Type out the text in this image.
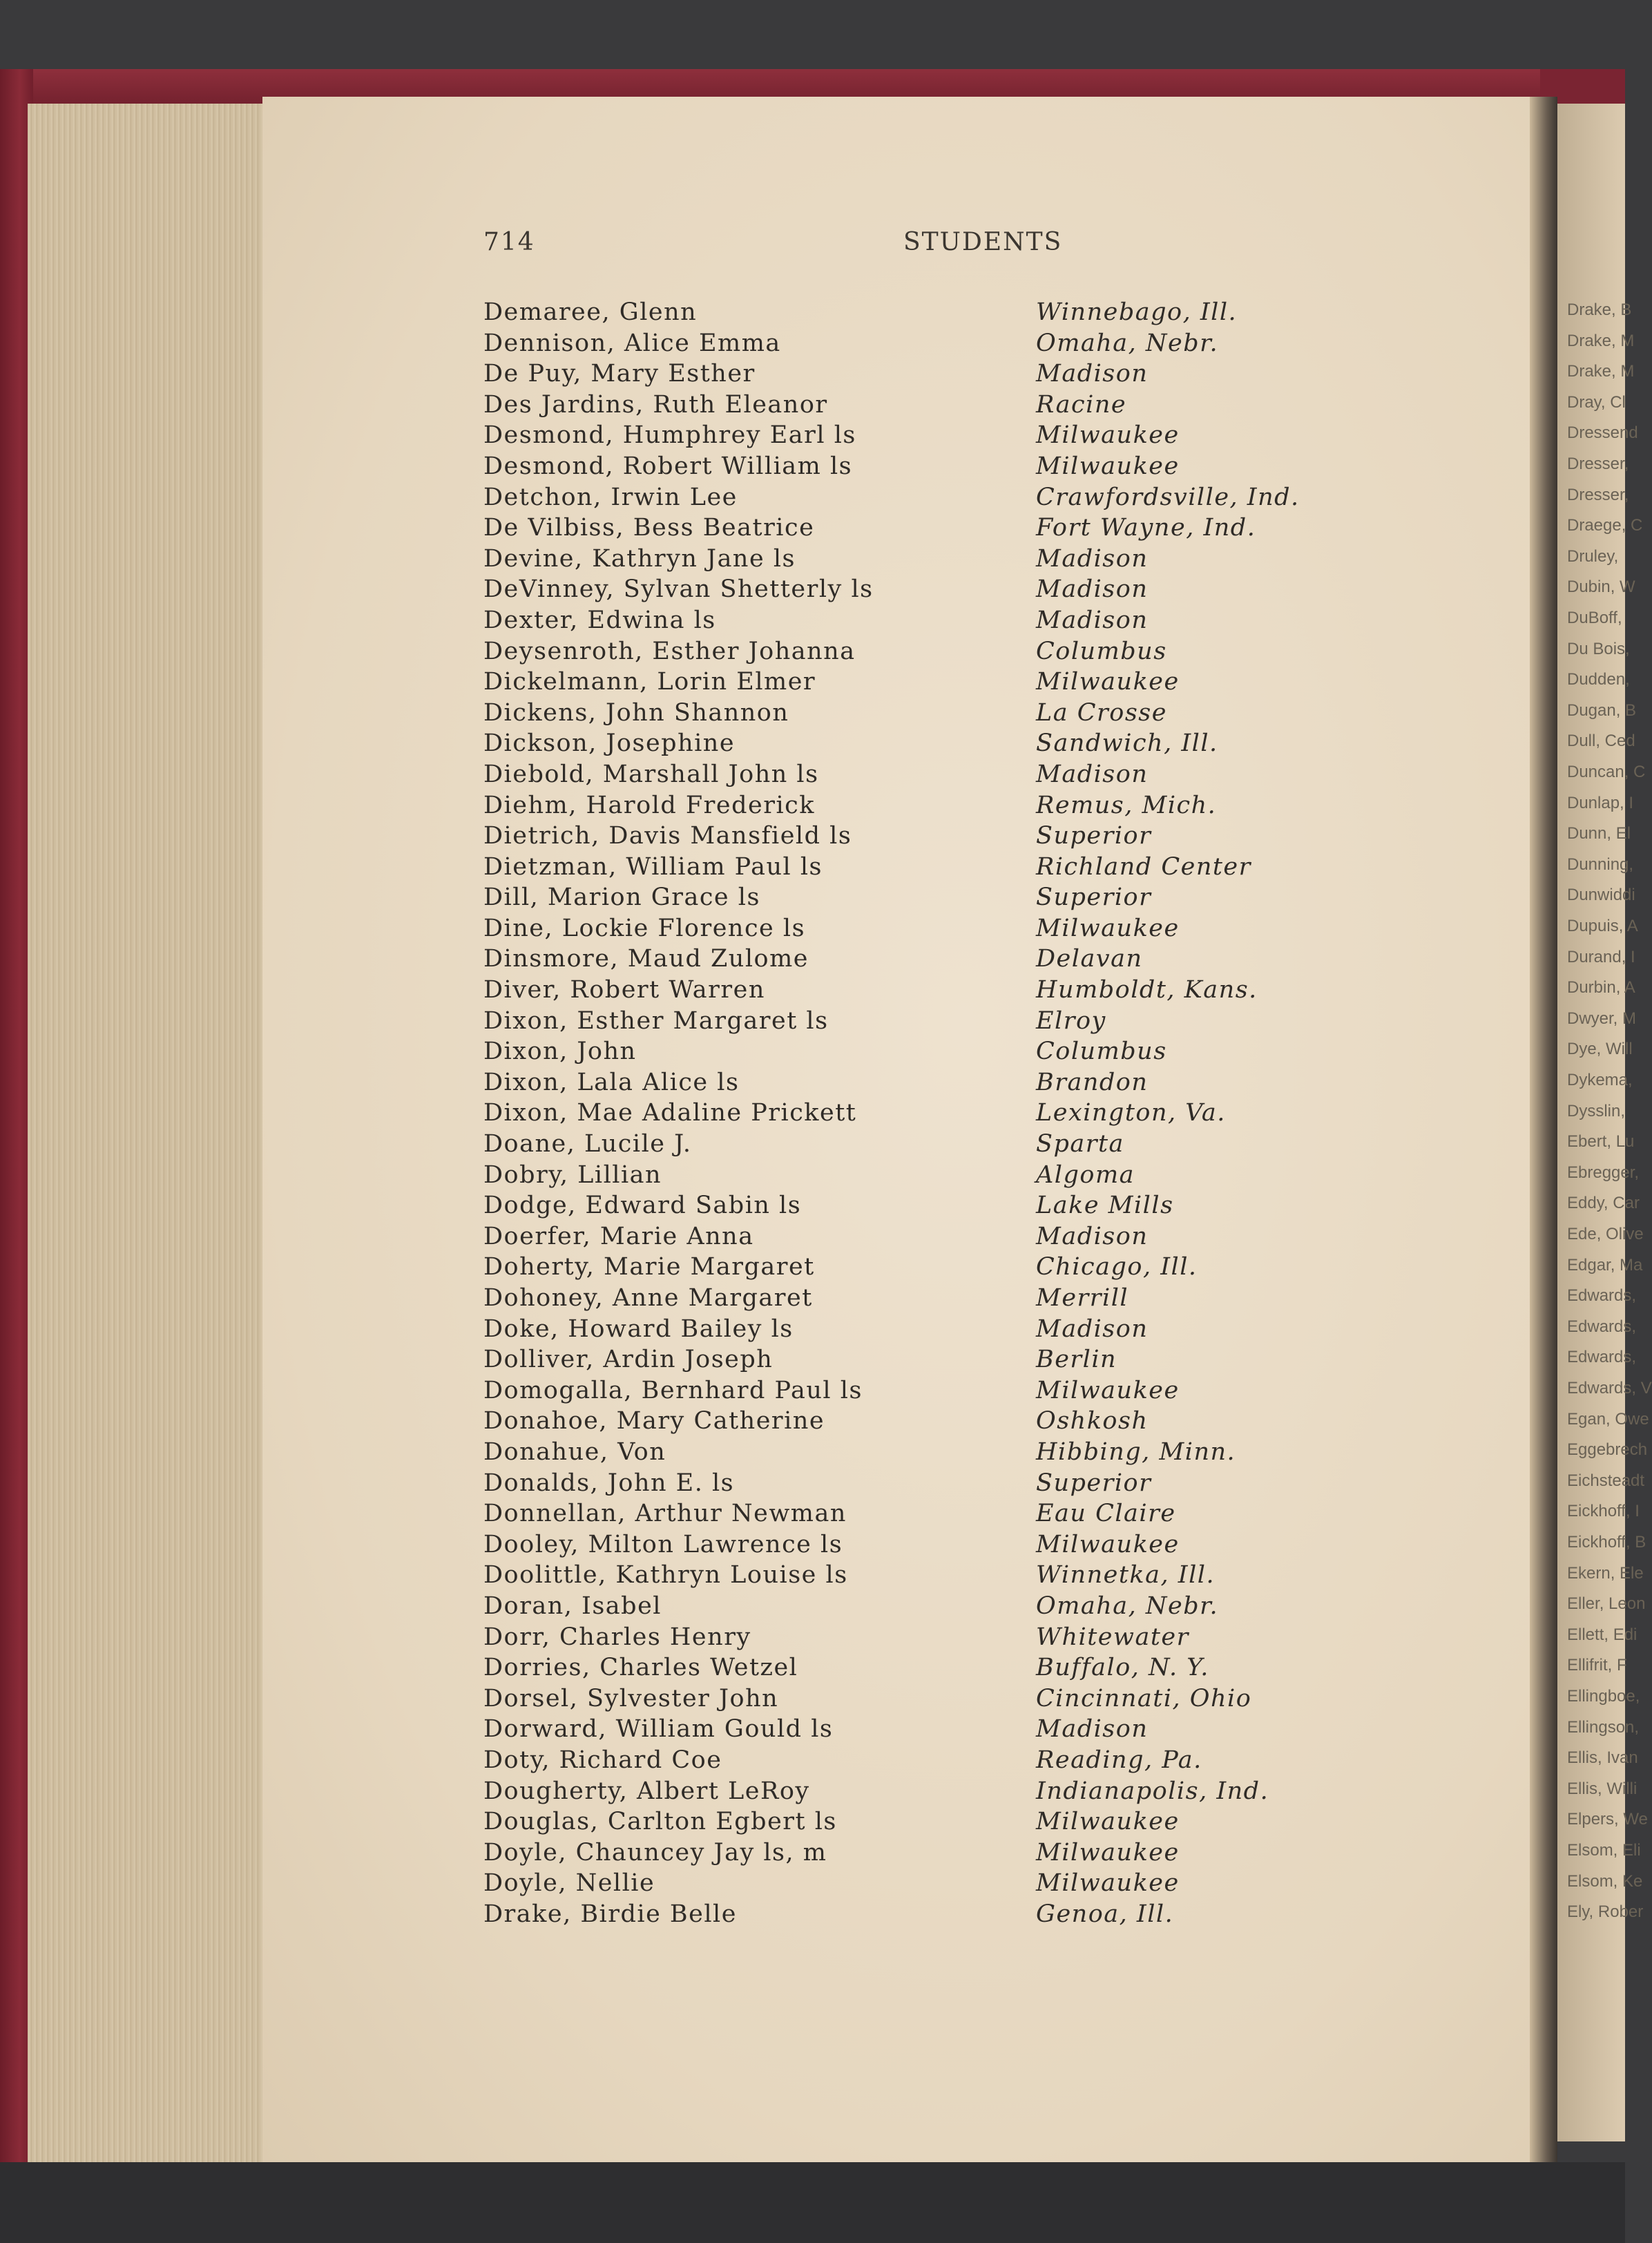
Drake, B
Drake, M
Drake, M
Dray, Cl
Dressend
Dresser,
Dresser,
Draege, C
Druley,
Dubin, W
DuBoff,
Du Bois,
Dudden,
Dugan, B
Dull, Ced
Duncan, C
Dunlap, I
Dunn, El
Dunning,
Dunwiddi
Dupuis, A
Durand, I
Durbin, A
Dwyer, M
Dye, Will
Dykema,
Dysslin,
Ebert, Lu
Ebregger,
Eddy, Car
Ede, Olive
Edgar, Ma
Edwards,
Edwards,
Edwards,
Edwards, V
Egan, Owe
Eggebrech
Eichsteadt
Eickhoff, I
Eickhoff, B
Ekern, Ele
Eller, Leon
Ellett, Edi
Ellifrit, F
Ellingboe,
Ellingson,
Ellis, Ivan
Ellis, Willi
Elpers, We
Elsom, Eli
Elsom, Ke
Ely, Rober
714	STUDENTS
Demaree, Glenn	Winnebago, Ill.
Dennison, Alice Emma	Omaha, Nebr.
De Puy, Mary Esther	Madison
Des Jardins, Ruth Eleanor	Racine
Desmond, Humphrey Earl ls	Milwaukee
Desmond, Robert William ls	Milwaukee
Detchon, Irwin Lee	Crawfordsville, Ind.
De Vilbiss, Bess Beatrice	Fort Wayne, Ind.
Devine, Kathryn Jane ls	Madison
DeVinney, Sylvan Shetterly ls	Madison
Dexter, Edwina ls	Madison
Deysenroth, Esther Johanna	Columbus
Dickelmann, Lorin Elmer	Milwaukee
Dickens, John Shannon	La Crosse
Dickson, Josephine	Sandwich, Ill.
Diebold, Marshall John ls	Madison
Diehm, Harold Frederick	Remus, Mich.
Dietrich, Davis Mansfield ls	Superior
Dietzman, William Paul ls	Richland Center
Dill, Marion Grace ls	Superior
Dine, Lockie Florence ls	Milwaukee
Dinsmore, Maud Zulome	Delavan
Diver, Robert Warren	Humboldt, Kans.
Dixon, Esther Margaret ls	Elroy
Dixon, John	Columbus
Dixon, Lala Alice ls	Brandon
Dixon, Mae Adaline Prickett	Lexington, Va.
Doane, Lucile J.	Sparta
Dobry, Lillian	Algoma
Dodge, Edward Sabin ls	Lake Mills
Doerfer, Marie Anna	Madison
Doherty, Marie Margaret	Chicago, Ill.
Dohoney, Anne Margaret	Merrill
Doke, Howard Bailey ls	Madison
Dolliver, Ardin Joseph	Berlin
Domogalla, Bernhard Paul ls	Milwaukee
Donahoe, Mary Catherine	Oshkosh
Donahue, Von	Hibbing, Minn.
Donalds, John E. ls	Superior
Donnellan, Arthur Newman	Eau Claire
Dooley, Milton Lawrence ls	Milwaukee
Doolittle, Kathryn Louise ls	Winnetka, Ill.
Doran, Isabel	Omaha, Nebr.
Dorr, Charles Henry	Whitewater
Dorries, Charles Wetzel	Buffalo, N. Y.
Dorsel, Sylvester John	Cincinnati, Ohio
Dorward, William Gould ls	Madison
Doty, Richard Coe	Reading, Pa.
Dougherty, Albert LeRoy	Indianapolis, Ind.
Douglas, Carlton Egbert ls	Milwaukee
Doyle, Chauncey Jay ls, m	Milwaukee
Doyle, Nellie	Milwaukee
Drake, Birdie Belle	Genoa, Ill.
